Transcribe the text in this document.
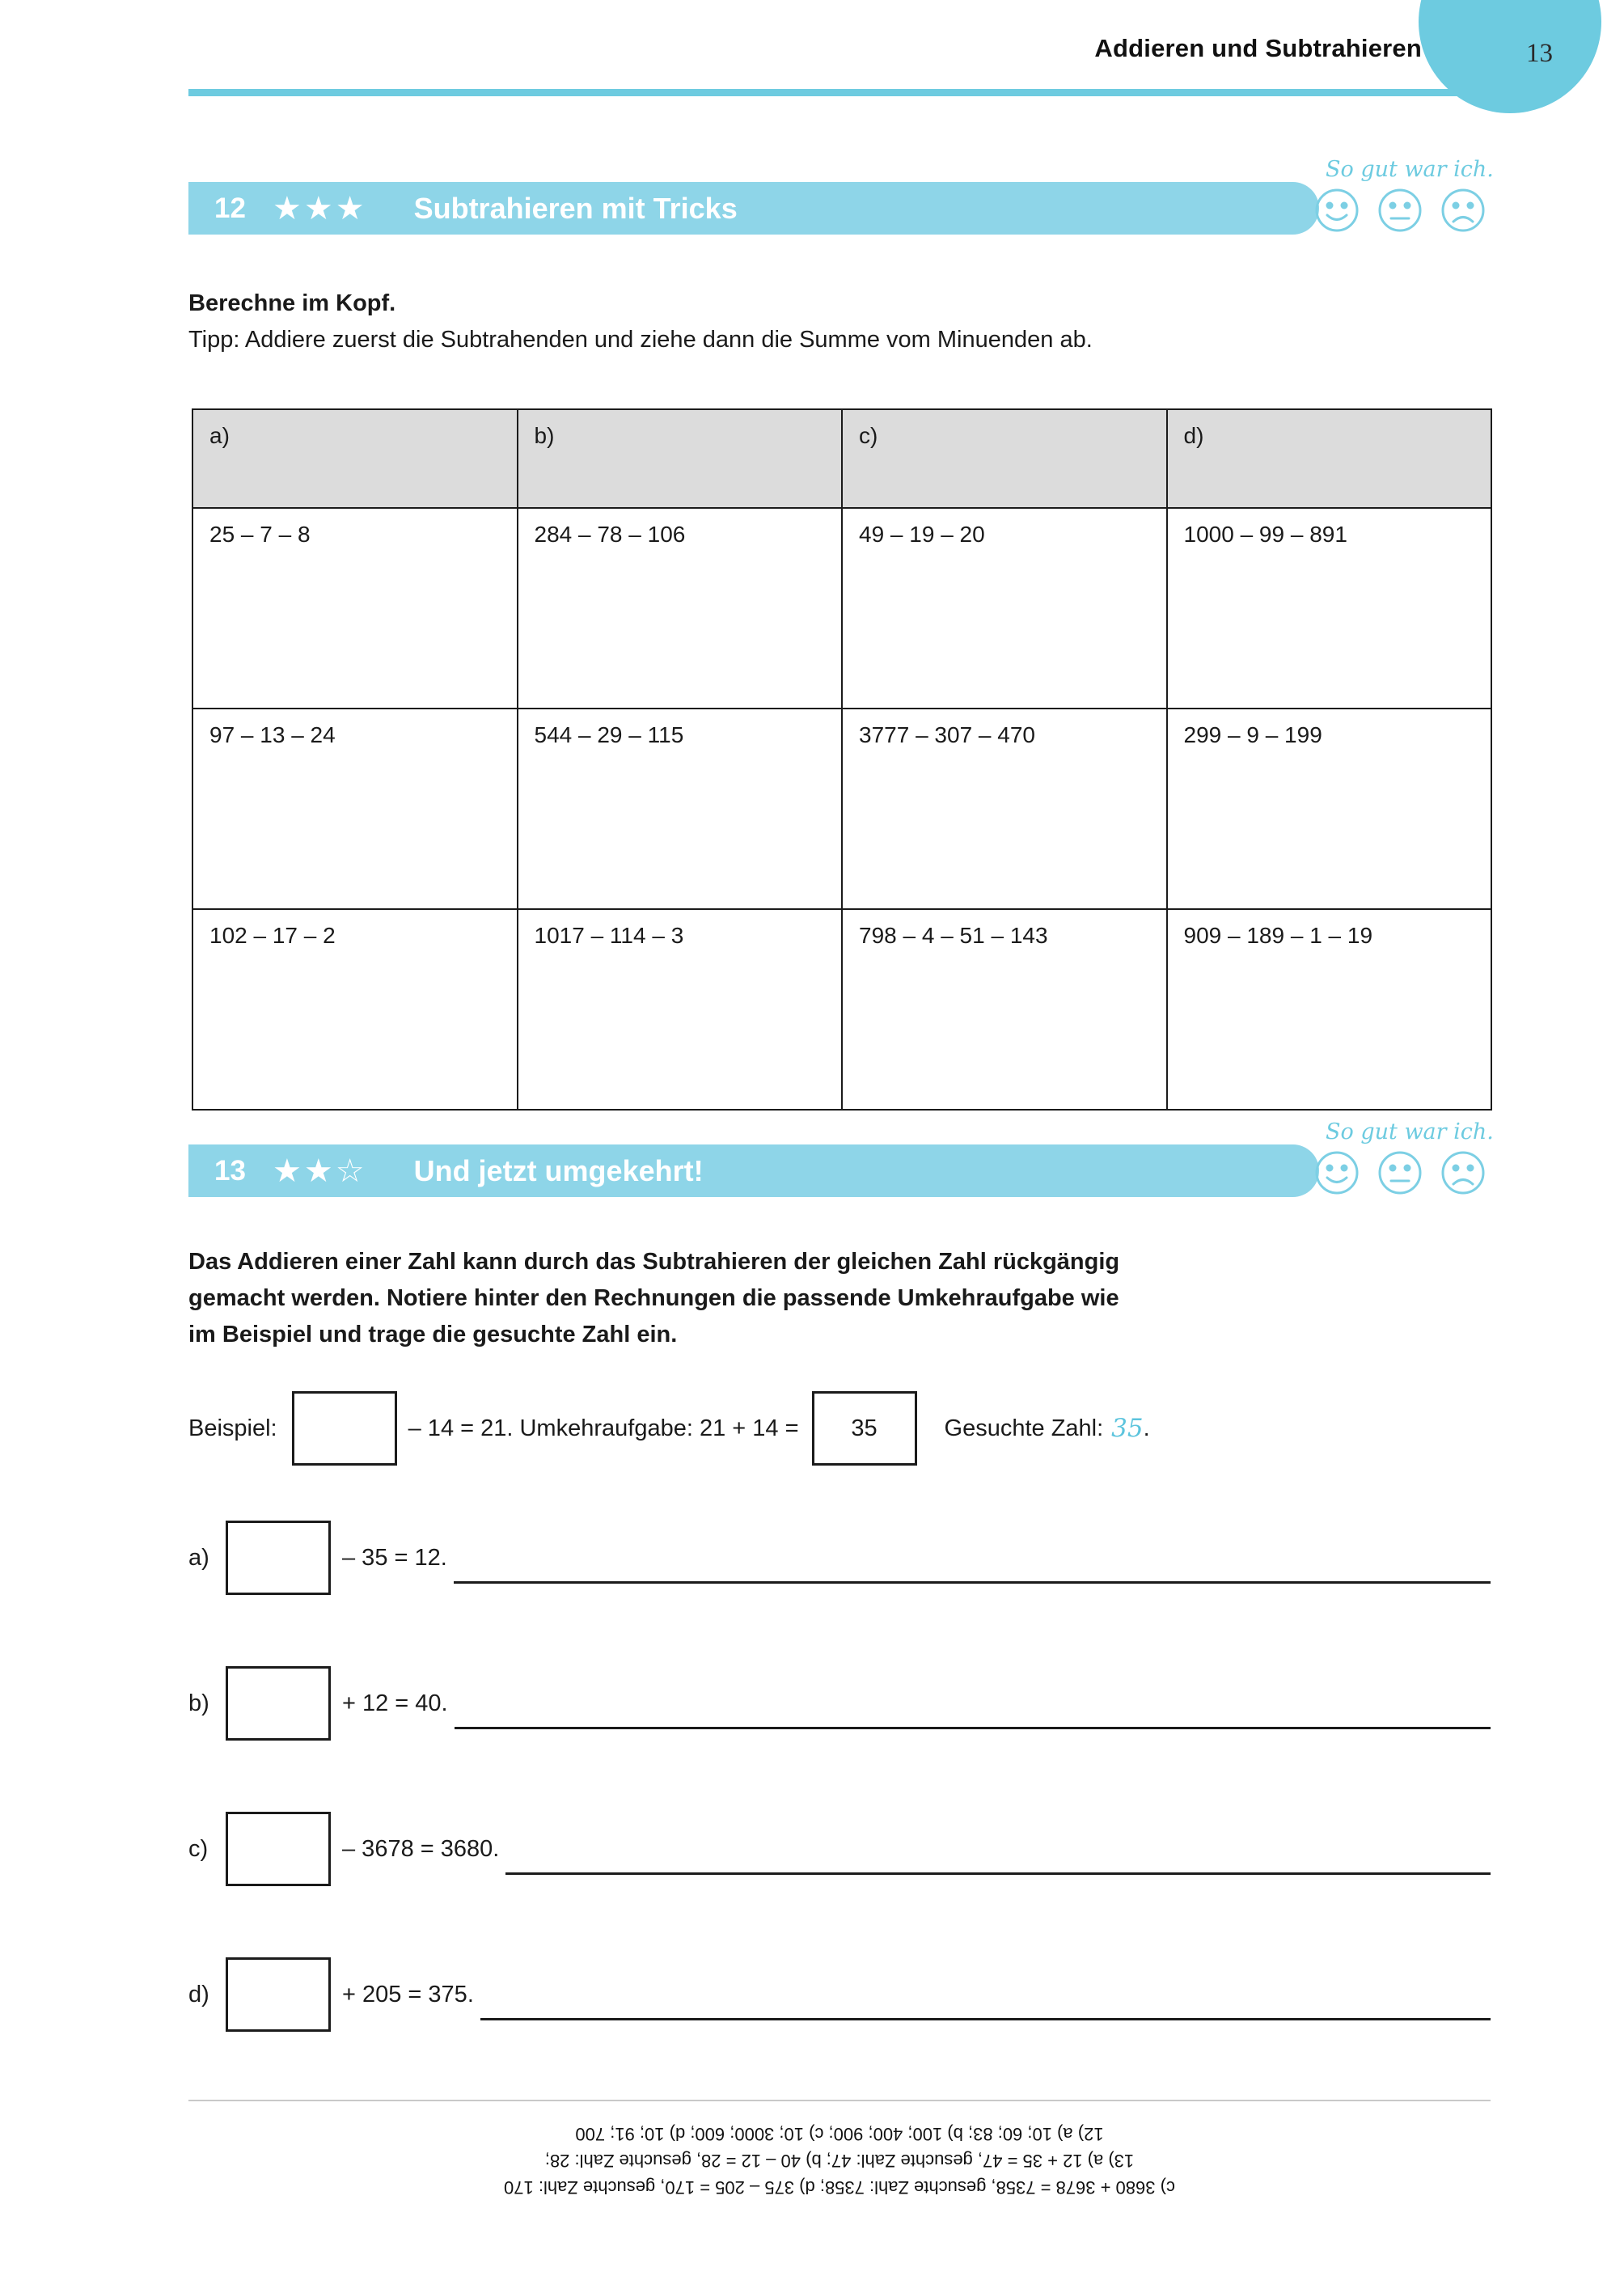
Addieren und Subtrahieren	13
12 ★★★ Subtrahieren mit Tricks
So gut war ich.
Berechne im Kopf.
Tipp: Addiere zuerst die Subtrahenden und ziehe dann die Summe vom Minuenden ab.
a)	b)	c)	d)
25 – 7 – 8	284 – 78 – 106	49 – 19 – 20	1000 – 99 – 891
97 – 13 – 24	544 – 29 – 115	3777 – 307 – 470	299 – 9 – 199
102 – 17 – 2	1017 – 114 – 3	798 – 4 – 51 – 143	909 – 189 – 1 – 19
13 ★★☆ Und jetzt umgekehrt!
So gut war ich.
Das Addieren einer Zahl kann durch das Subtrahieren der gleichen Zahl rückgängig
gemacht werden. Notiere hinter den Rechnungen die passende Umkehraufgabe wie
im Beispiel und trage die gesuchte Zahl ein.
Beispiel:	– 14 = 21. Umkehraufgabe: 21 + 14 =	35	Gesuchte Zahl: 35 .
a)	– 35 = 12.
b)	+ 12 = 40.
c)	– 3678 = 3680.
d)	+ 205 = 375.
c) 3680 + 3678 = 7358, gesuchte Zahl: 7358; d) 375 – 205 = 170, gesuchte Zahl: 170
13) a) 12 + 35 = 47, gesuchte Zahl: 47; b) 40 – 12 = 28, gesuchte Zahl: 28;
12) a) 10; 60; 83; b) 100; 400; 900; c) 10; 3000; 600; d) 10; 91; 700
